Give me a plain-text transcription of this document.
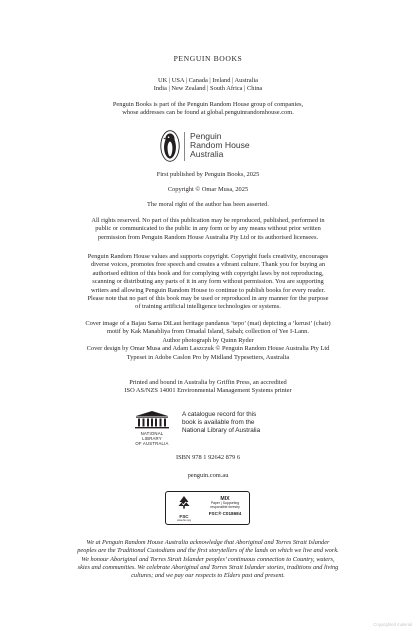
PENGUIN BOOKS
UK | USA | Canada | Ireland | Australia
India | New Zealand | South Africa | China
Penguin Books is part of the Penguin Random House group of companies,
whose addresses can be found at global.penguinrandomhouse.com.
Penguin
Random House
Australia
First published by Penguin Books, 2025
Copyright © Omar Musa, 2025
The moral right of the author has been asserted.
All rights reserved. No part of this publication may be reproduced, published, performed in
public or communicated to the public in any form or by any means without prior written
permission from Penguin Random House Australia Pty Ltd or its authorised licensees.
Penguin Random House values and supports copyright. Copyright fuels creativity, encourages
diverse voices, promotes free speech and creates a vibrant culture. Thank you for buying an
authorised edition of this book and for complying with copyright laws by not reproducing,
scanning or distributing any parts of it in any form without permission. You are supporting
writers and allowing Penguin Random House to continue to publish books for every reader.
Please note that no part of this book may be used or reproduced in any manner for the purpose
of training artificial intelligence technologies or systems.
Cover image of a Bajau Sama DiLaut heritage pandanus ‘tepo’ (mat) depicting a ‘kerusi’ (chair)
motif by Kak Manabliya from Omadal Island, Sabah; collection of Yee I-Lann.
Author photograph by Quinn Ryder
Cover design by Omar Musa and Adam Laszczuk © Penguin Random House Australia Pty Ltd
Typeset in Adobe Caslon Pro by Midland Typesetters, Australia
Printed and bound in Australia by Griffin Press, an accredited
ISO AS/NZS 14001 Environmental Management Systems printer
NATIONAL
LIBRARY
OF AUSTRALIA
A catalogue record for this
book is available from the
National Library of Australia
ISBN 978 1 92642 879 6
penguin.com.au
FSC
www.fsc.org
MIX
Paper | Supporting
responsible forestry
FSC® C018684
We at Penguin Random House Australia acknowledge that Aboriginal and Torres Strait Islander
peoples are the Traditional Custodians and the first storytellers of the lands on which we live and work.
We honour Aboriginal and Torres Strait Islander peoples’ continuous connection to Country, waters,
skies and communities. We celebrate Aboriginal and Torres Strait Islander stories, traditions and living
cultures; and we pay our respects to Elders past and present.
Copyrighted material
